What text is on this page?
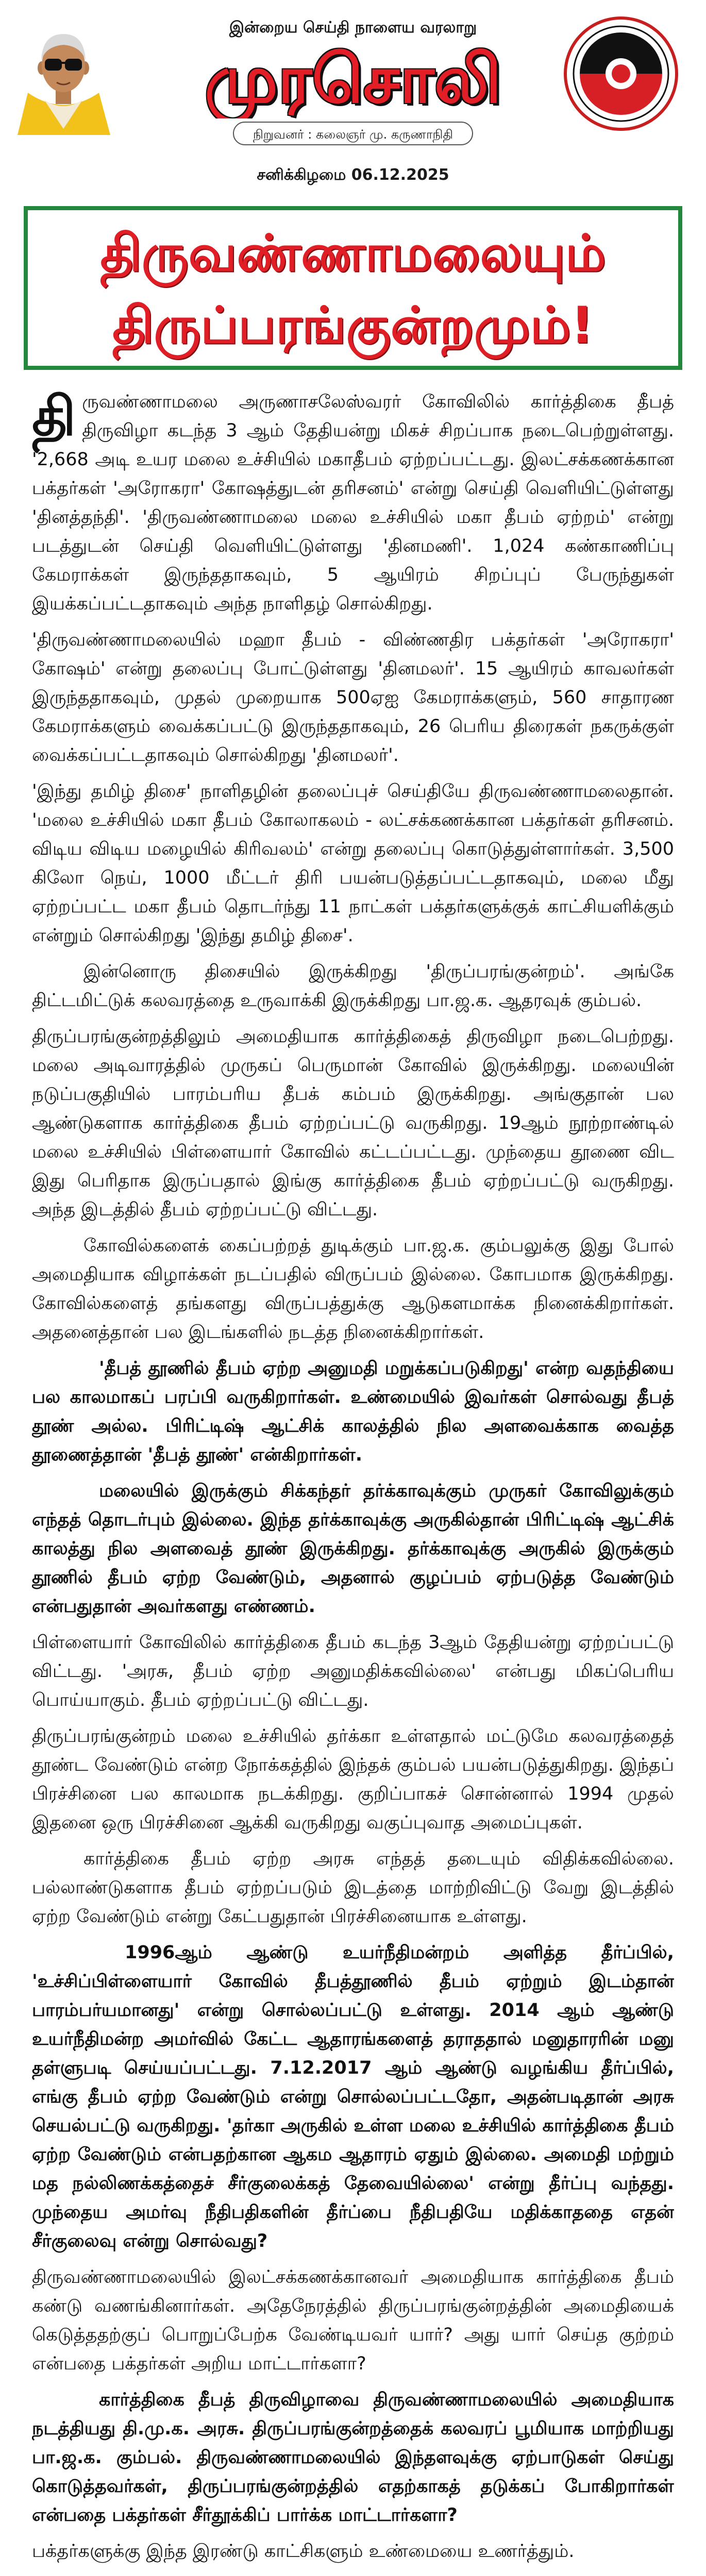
இன்றைய செய்தி நாளைய வரலாறு
முரசொலி
நிறுவனர் : கலைஞர் மு. கருணாநிதி
சனிக்கிழமை 06.12.2025
திருவண்ணாமலையும்
திருப்பரங்குன்றமும்!

திருவண்ணாமலை அருணாசலேஸ்வரர் கோவிலில் கார்த்திகை தீபத் திருவிழா கடந்த 3 ஆம் தேதியன்று மிகச் சிறப்பாக நடைபெற்றுள்ளது. '2,668 அடி உயர மலை உச்சியில் மகாதீபம் ஏற்றப்பட்டது. இலட்சக்கணக்கான பக்தர்கள் 'அரோகரா' கோஷத்துடன் தரிசனம்' என்று செய்தி வெளியிட்டுள்ளது 'தினத்தந்தி'. 'திருவண்ணாமலை மலை உச்சியில் மகா தீபம் ஏற்றம்' என்று படத்துடன் செய்தி வெளியிட்டுள்ளது 'தினமணி'. 1,024 கண்காணிப்பு கேமராக்கள் இருந்ததாகவும், 5 ஆயிரம் சிறப்புப் பேருந்துகள் இயக்கப்பட்டதாகவும் அந்த நாளிதழ் சொல்கிறது.

'திருவண்ணாமலையில் மஹா தீபம் - விண்ணதிர பக்தர்கள் 'அரோகரா' கோஷம்' என்று தலைப்பு போட்டுள்ளது 'தினமலர்'. 15 ஆயிரம் காவலர்கள் இருந்ததாகவும், முதல் முறையாக 500ஏஐ கேமராக்களும், 560 சாதாரண கேமராக்களும் வைக்கப்பட்டு இருந்ததாகவும், 26 பெரிய திரைகள் நகருக்குள் வைக்கப்பட்டதாகவும் சொல்கிறது 'தினமலர்'.

'இந்து தமிழ் திசை' நாளிதழின் தலைப்புச் செய்தியே திருவண்ணாமலைதான். 'மலை உச்சியில் மகா தீபம் கோலாகலம் - லட்சக்கணக்கான பக்தர்கள் தரிசனம். விடிய விடிய மழையில் கிரிவலம்' என்று தலைப்பு கொடுத்துள்ளார்கள். 3,500 கிலோ நெய், 1000 மீட்டர் திரி பயன்படுத்தப்பட்டதாகவும், மலை மீது ஏற்றப்பட்ட மகா தீபம் தொடர்ந்து 11 நாட்கள் பக்தர்களுக்குக் காட்சியளிக்கும் என்றும் சொல்கிறது 'இந்து தமிழ் திசை'.

இன்னொரு திசையில் இருக்கிறது 'திருப்பரங்குன்றம்'. அங்கே திட்டமிட்டுக் கலவரத்தை உருவாக்கி இருக்கிறது பா.ஜ.க. ஆதரவுக் கும்பல்.

திருப்பரங்குன்றத்திலும் அமைதியாக கார்த்திகைத் திருவிழா நடைபெற்றது. மலை அடிவாரத்தில் முருகப் பெருமான் கோவில் இருக்கிறது. மலையின் நடுப்பகுதியில் பாரம்பரிய தீபக் கம்பம் இருக்கிறது. அங்குதான் பல ஆண்டுகளாக கார்த்திகை தீபம் ஏற்றப்பட்டு வருகிறது. 19ஆம் நூற்றாண்டில் மலை உச்சியில் பிள்ளையார் கோவில் கட்டப்பட்டது. முந்தைய தூணை விட இது பெரிதாக இருப்பதால் இங்கு கார்த்திகை தீபம் ஏற்றப்பட்டு வருகிறது. அந்த இடத்தில் தீபம் ஏற்றப்பட்டு விட்டது.

கோவில்களைக் கைப்பற்றத் துடிக்கும் பா.ஜ.க. கும்பலுக்கு இது போல் அமைதியாக விழாக்கள் நடப்பதில் விருப்பம் இல்லை. கோபமாக இருக்கிறது. கோவில்களைத் தங்களது விருப்பத்துக்கு ஆடுகளமாக்க நினைக்கிறார்கள். அதனைத்தான் பல இடங்களில் நடத்த நினைக்கிறார்கள்.

'தீபத் தூணில் தீபம் ஏற்ற அனுமதி மறுக்கப்படுகிறது' என்ற வதந்தியை பல காலமாகப் பரப்பி வருகிறார்கள். உண்மையில் இவர்கள் சொல்வது தீபத் தூண் அல்ல. பிரிட்டிஷ் ஆட்சிக் காலத்தில் நில அளவைக்காக வைத்த தூணைத்தான் 'தீபத் தூண்' என்கிறார்கள்.

மலையில் இருக்கும் சிக்கந்தர் தர்க்காவுக்கும் முருகர் கோவிலுக்கும் எந்தத் தொடர்பும் இல்லை. இந்த தர்க்காவுக்கு அருகில்தான் பிரிட்டிஷ் ஆட்சிக் காலத்து நில அளவைத் தூண் இருக்கிறது. தர்க்காவுக்கு அருகில் இருக்கும் தூணில் தீபம் ஏற்ற வேண்டும், அதனால் குழப்பம் ஏற்படுத்த வேண்டும் என்பதுதான் அவர்களது எண்ணம்.

பிள்ளையார் கோவிலில் கார்த்திகை தீபம் கடந்த 3ஆம் தேதியன்று ஏற்றப்பட்டு விட்டது. 'அரசு, தீபம் ஏற்ற அனுமதிக்கவில்லை' என்பது மிகப்பெரிய பொய்யாகும். தீபம் ஏற்றப்பட்டு விட்டது.

திருப்பரங்குன்றம் மலை உச்சியில் தர்க்கா உள்ளதால் மட்டுமே கலவரத்தைத் தூண்ட வேண்டும் என்ற நோக்கத்தில் இந்தக் கும்பல் பயன்படுத்துகிறது. இந்தப் பிரச்சினை பல காலமாக நடக்கிறது. குறிப்பாகச் சொன்னால் 1994 முதல் இதனை ஒரு பிரச்சினை ஆக்கி வருகிறது வகுப்புவாத அமைப்புகள்.

கார்த்திகை தீபம் ஏற்ற அரசு எந்தத் தடையும் விதிக்கவில்லை. பல்லாண்டுகளாக தீபம் ஏற்றப்படும் இடத்தை மாற்றிவிட்டு வேறு இடத்தில் ஏற்ற வேண்டும் என்று கேட்பதுதான் பிரச்சினையாக உள்ளது.

1996ஆம் ஆண்டு உயர்நீதிமன்றம் அளித்த தீர்ப்பில், 'உச்சிப்பிள்ளையார் கோவில் தீபத்தூணில் தீபம் ஏற்றும் இடம்தான் பாரம்பர்யமானது' என்று சொல்லப்பட்டு உள்ளது. 2014 ஆம் ஆண்டு உயர்நீதிமன்ற அமர்வில் கேட்ட ஆதாரங்களைத் தராததால் மனுதாரரின் மனு தள்ளுபடி செய்யப்பட்டது. 7.12.2017 ஆம் ஆண்டு வழங்கிய தீர்ப்பில், எங்கு தீபம் ஏற்ற வேண்டும் என்று சொல்லப்பட்டதோ, அதன்படிதான் அரசு செயல்பட்டு வருகிறது. 'தர்கா அருகில் உள்ள மலை உச்சியில் கார்த்திகை தீபம் ஏற்ற வேண்டும் என்பதற்கான ஆகம ஆதாரம் ஏதும் இல்லை. அமைதி மற்றும் மத நல்லிணக்கத்தைச் சீர்குலைக்கத் தேவையில்லை' என்று தீர்ப்பு வந்தது. முந்தைய அமர்வு நீதிபதிகளின் தீர்ப்பை நீதிபதியே மதிக்காததை எதன் சீர்குலைவு என்று சொல்வது?

திருவண்ணாமலையில் இலட்சக்கணக்கானவர் அமைதியாக கார்த்திகை தீபம் கண்டு வணங்கினார்கள். அதேநேரத்தில் திருப்பரங்குன்றத்தின் அமைதியைக் கெடுத்ததற்குப் பொறுப்பேற்க வேண்டியவர் யார்? அது யார் செய்த குற்றம் என்பதை பக்தர்கள் அறிய மாட்டார்களா?

கார்த்திகை தீபத் திருவிழாவை திருவண்ணாமலையில் அமைதியாக நடத்தியது தி.மு.க. அரசு. திருப்பரங்குன்றத்தைக் கலவரப் பூமியாக மாற்றியது பா.ஜ.க. கும்பல். திருவண்ணாமலையில் இந்தளவுக்கு ஏற்பாடுகள் செய்து கொடுத்தவர்கள், திருப்பரங்குன்றத்தில் எதற்காகத் தடுக்கப் போகிறார்கள் என்பதை பக்தர்கள் சீர்தூக்கிப் பார்க்க மாட்டார்களா?

பக்தர்களுக்கு இந்த இரண்டு காட்சிகளும் உண்மையை உணர்த்தும்.
